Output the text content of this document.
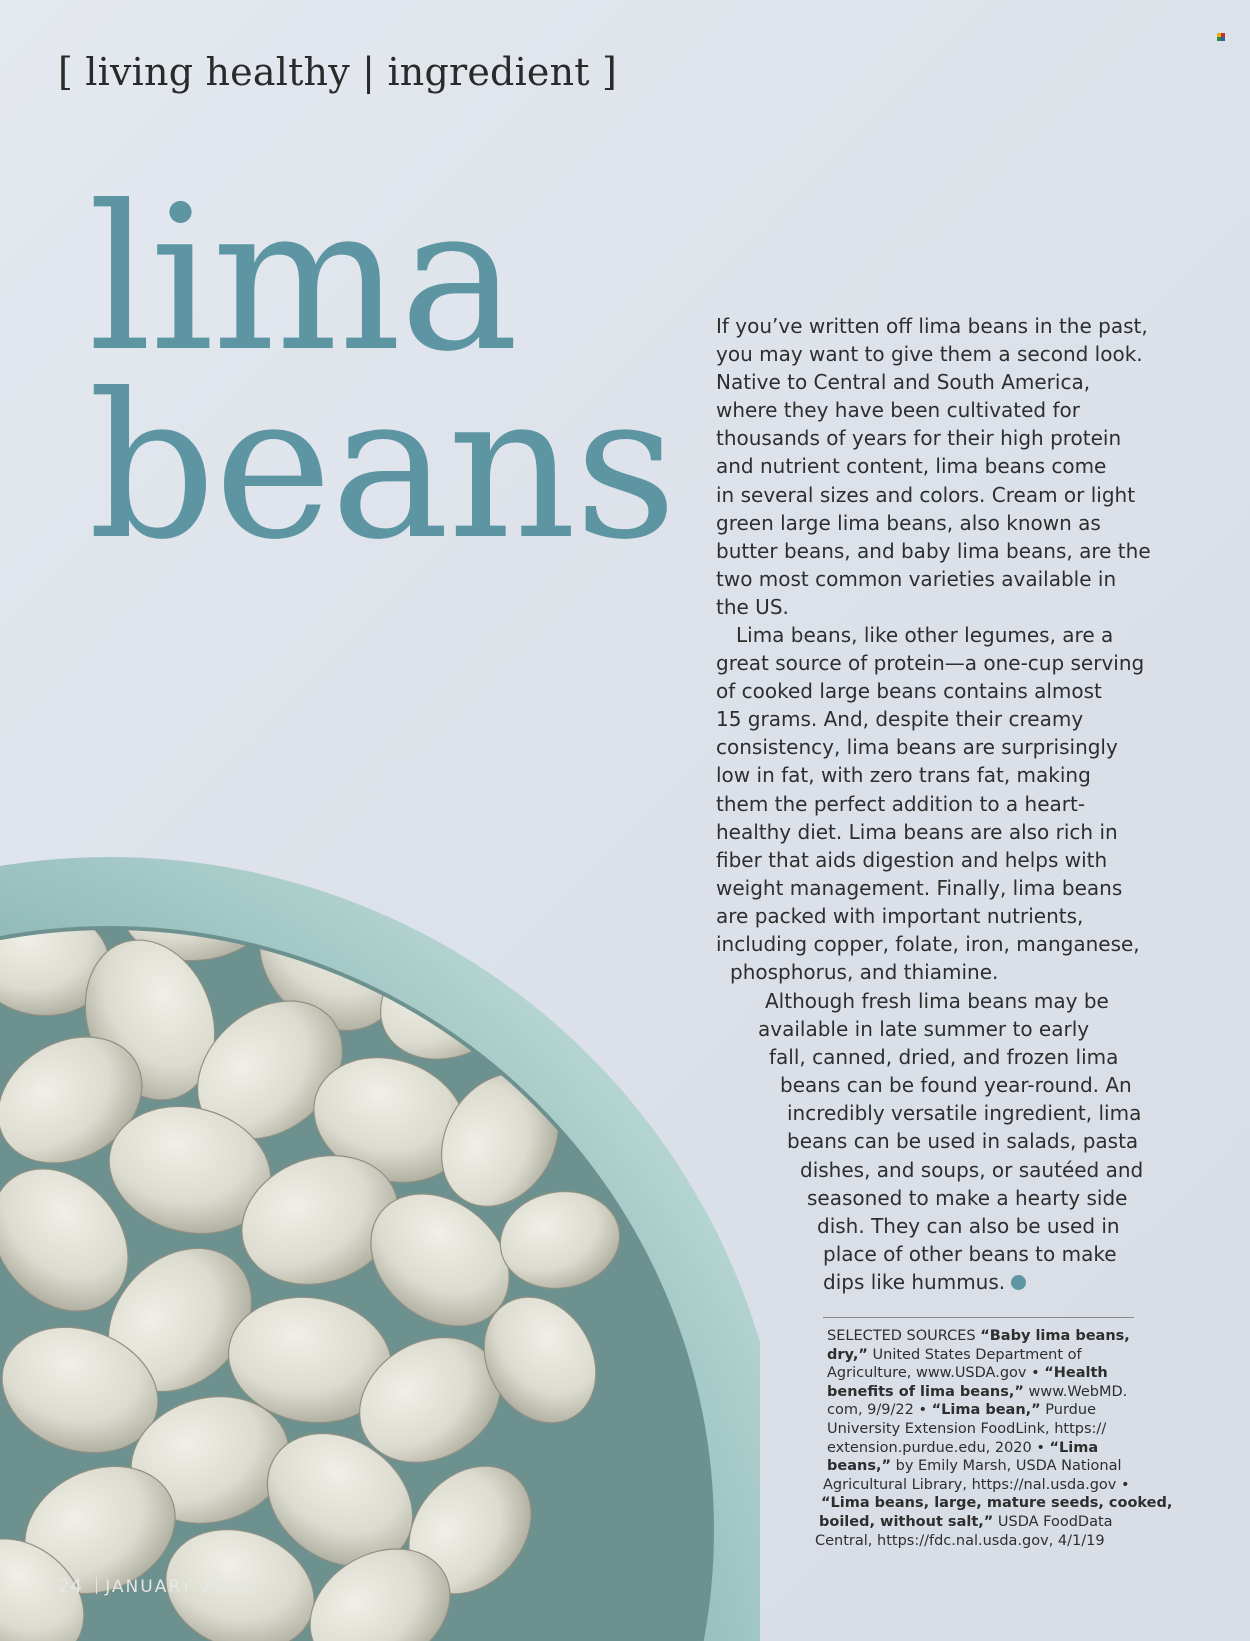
[ living healthy | ingredient ]
lima
beans
If you’ve written off lima beans in the past,
you may want to give them a second look.
Native to Central and South America,
where they have been cultivated for
thousands of years for their high protein
and nutrient content, lima beans come
in several sizes and colors. Cream or light
green large lima beans, also known as
butter beans, and baby lima beans, are the
two most common varieties available in
the US.
Lima beans, like other legumes, are a
great source of protein—a one-cup serving
of cooked large beans contains almost
15 grams. And, despite their creamy
consistency, lima beans are surprisingly
low in fat, with zero trans fat, making
them the perfect addition to a heart-
healthy diet. Lima beans are also rich in
fiber that aids digestion and helps with
weight management. Finally, lima beans
are packed with important nutrients,
including copper, folate, iron, manganese,
phosphorus, and thiamine.
Although fresh lima beans may be
available in late summer to early
fall, canned, dried, and frozen lima
beans can be found year-round. An
incredibly versatile ingredient, lima
beans can be used in salads, pasta
dishes, and soups, or sautéed and
seasoned to make a hearty side
dish. They can also be used in
place of other beans to make
dips like hummus.
SELECTED SOURCES “Baby lima beans,
dry,” United States Department of
Agriculture, www.USDA.gov • “Health
benefits of lima beans,” www.WebMD.
com, 9/9/22 • “Lima bean,” Purdue
University Extension FoodLink, https://
extension.purdue.edu, 2020 • “Lima
beans,” by Emily Marsh, USDA National
Agricultural Library, https://nal.usda.gov •
“Lima beans, large, mature seeds, cooked,
boiled, without salt,” USDA FoodData
Central, https://fdc.nal.usda.gov, 4/1/19
24 JANUARY 2023
